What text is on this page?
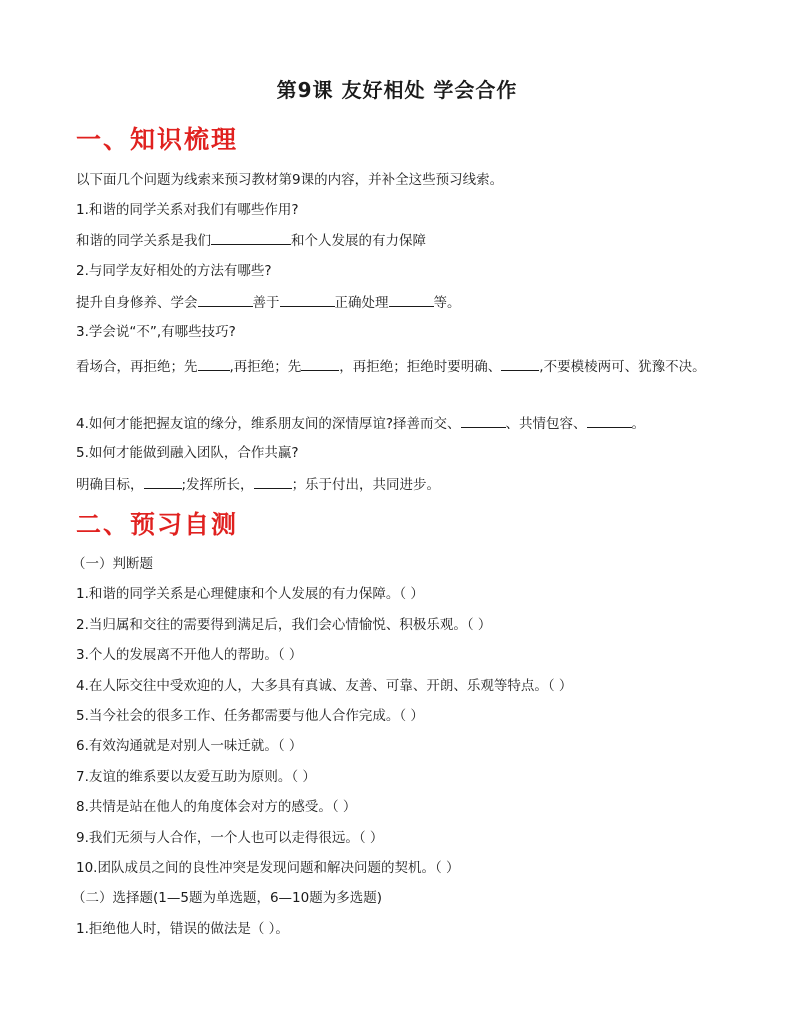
第9课 友好相处 学会合作
一、知识梳理

以下面几个问题为线索来预习教材第9课的内容，并补全这些预习线索。

1.和谐的同学关系对我们有哪些作用?

和谐的同学关系是我们	和个人发展的有力保障

2.与同学友好相处的方法有哪些?

提升自身修养、学会	善于	正确处理	等。

3.学会说“不”,有哪些技巧?

看场合，再拒绝；先 ,再拒绝；先	，再拒绝；拒绝时要明确、	,不要模棱两可、犹豫不决。

4.如何才能把握友谊的缘分，维系朋友间的深情厚谊?择善而交、	、共情包容、	。

5.如何才能做到融入团队，合作共赢?

明确目标，	;发挥所长，	；乐于付出，共同进步。

二、预习自测

（一）判断题

1.和谐的同学关系是心理健康和个人发展的有力保障。（ ）

2.当归属和交往的需要得到满足后，我们会心情愉悦、积极乐观。（ ）

3.个人的发展离不开他人的帮助。（ ）

4.在人际交往中受欢迎的人，大多具有真诚、友善、可靠、开朗、乐观等特点。（ ）

5.当今社会的很多工作、任务都需要与他人合作完成。（ ）

6.有效沟通就是对别人一味迁就。（ ）

7.友谊的维系要以友爱互助为原则。（ ）

8.共情是站在他人的角度体会对方的感受。（ ）

9.我们无须与人合作，一个人也可以走得很远。（ ）

10.团队成员之间的良性冲突是发现问题和解决问题的契机。（ ）

（二）选择题(1—5题为单选题，6—10题为多选题)

1.拒绝他人时，错误的做法是（ ）。
